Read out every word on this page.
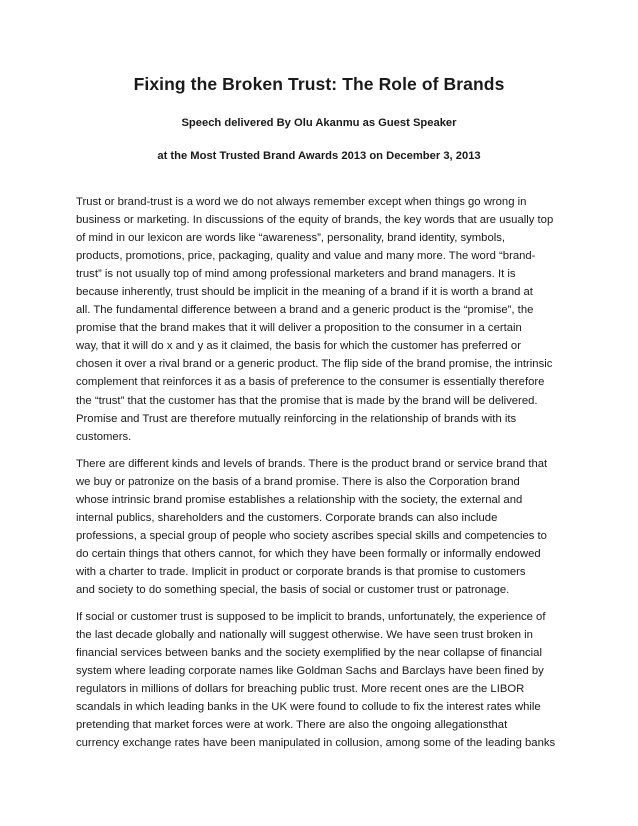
Fixing the Broken Trust: The Role of Brands
Speech delivered By Olu Akanmu as Guest Speaker
at the Most Trusted Brand Awards 2013 on December 3, 2013

Trust or brand-trust is a word we do not always remember except when things go wrong in
business or marketing. In discussions of the equity of brands, the key words that are usually top
of mind in our lexicon are words like “awareness”, personality, brand identity, symbols,
products, promotions, price, packaging, quality and value and many more. The word “brand-
trust” is not usually top of mind among professional marketers and brand managers. It is
because inherently, trust should be implicit in the meaning of a brand if it is worth a brand at
all. The fundamental difference between a brand and a generic product is the “promise”, the
promise that the brand makes that it will deliver a proposition to the consumer in a certain
way, that it will do x and y as it claimed, the basis for which the customer has preferred or
chosen it over a rival brand or a generic product. The flip side of the brand promise, the intrinsic
complement that reinforces it as a basis of preference to the consumer is essentially therefore
the “trust” that the customer has that the promise that is made by the brand will be delivered.
Promise and Trust are therefore mutually reinforcing in the relationship of brands with its
customers.

There are different kinds and levels of brands. There is the product brand or service brand that
we buy or patronize on the basis of a brand promise. There is also the Corporation brand
whose intrinsic brand promise establishes a relationship with the society, the external and
internal publics, shareholders and the customers. Corporate brands can also include
professions, a special group of people who society ascribes special skills and competencies to
do certain things that others cannot, for which they have been formally or informally endowed
with a charter to trade. Implicit in product or corporate brands is that promise to customers
and society to do something special, the basis of social or customer trust or patronage.

If social or customer trust is supposed to be implicit to brands, unfortunately, the experience of
the last decade globally and nationally will suggest otherwise. We have seen trust broken in
financial services between banks and the society exemplified by the near collapse of financial
system where leading corporate names like Goldman Sachs and Barclays have been fined by
regulators in millions of dollars for breaching public trust. More recent ones are the LIBOR
scandals in which leading banks in the UK were found to collude to fix the interest rates while
pretending that market forces were at work. There are also the ongoing allegationsthat
currency exchange rates have been manipulated in collusion, among some of the leading banks
